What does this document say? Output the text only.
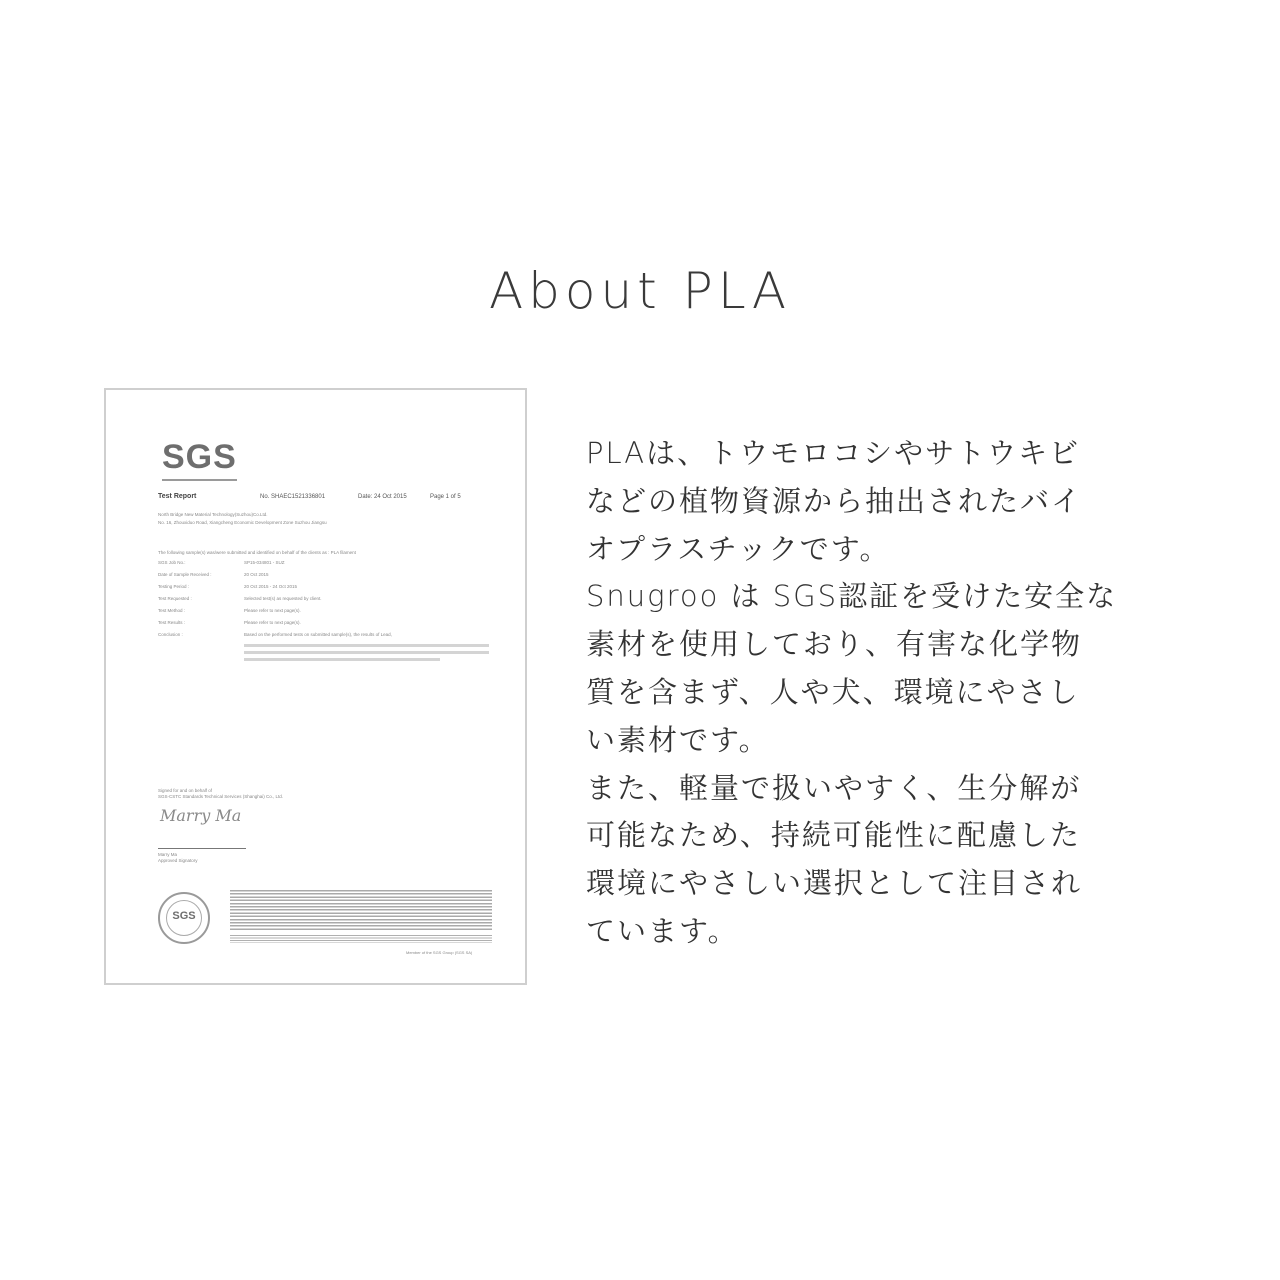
About PLA
SGS
Test Report	No. SHAEC1521336801	Date: 24 Oct 2015	Page 1 of 5
North Bridge New Material Technology(Suzhou)Co.Ltd.
No. 16, Zhouxiduo Road, Xiangcheng Economic Development Zone Suzhou Jiangsu
The following sample(s) was/were submitted and identified on behalf of the clients as : PLA filament
SGS Job No.:	SP15-034801 - SUZ
Date of Sample Received :	20 Oct 2015
Testing Period :	20 Oct 2015 - 24 Oct 2015
Test Requested :	Selected test(s) as requested by client.
Test Method :	Please refer to next page(s).
Test Results :	Please refer to next page(s).
Conclusion :	Based on the performed tests on submitted sample(s), the results of Lead,
Signed for and on behalf of
SGS-CSTC Standards Technical Services (Shanghai) Co., Ltd.
Marry Ma
Marry Ma
Approved Signatory
SGS
Member of the SGS Group (SGS SA)
PLAは、トウモロコシやサトウキビ
などの植物資源から抽出されたバイ
オプラスチックです。
Snugroo は SGS認証を受けた安全な
素材を使用しており、有害な化学物
質を含まず、人や犬、環境にやさし
い素材です。
また、軽量で扱いやすく、生分解が
可能なため、持続可能性に配慮した
環境にやさしい選択として注目され
ています。
